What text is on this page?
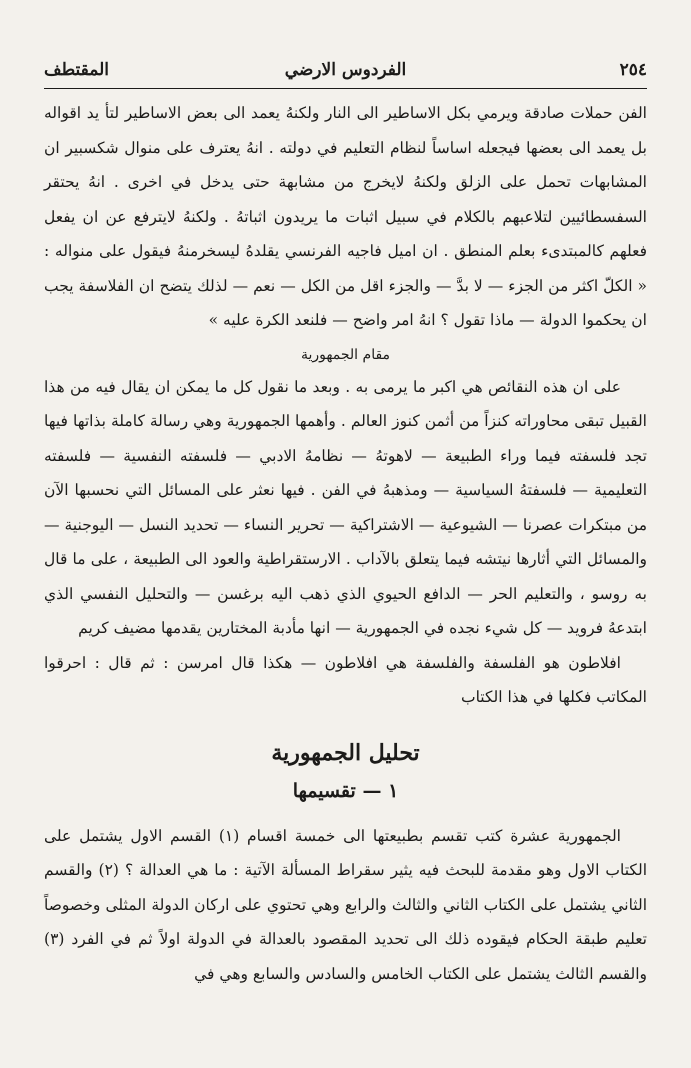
٢٥٤
الفردوس الارضي
المقتطف

الفن حملات صادقة ويرمي بكل الاساطير الى النار ولكنهُ يعمد الى بعض الاساطير لتأ يد اقواله بل يعمد الى بعضها فيجعله اساساً لنظام التعليم في دولته . انهُ يعترف على منوال شكسبير ان المشابهات تحمل على الزلق ولكنهُ لايخرج من مشابهة حتى يدخل في اخرى . انهُ يحتقر السفسطائيين لتلاعبهم بالكلام في سبيل اثبات ما يريدون اثباتهُ . ولكنهُ لايترفع عن ان يفعل فعلهم كالمبتدىء بعلم المنطق . ان اميل فاجيه الفرنسي يقلدهُ ليسخرمنهُ فيقول على منواله : « الكلّ اكثر من الجزء — لا بدَّ — والجزء اقل من الكل — نعم — لذلك يتضح ان الفلاسفة يجب ان يحكموا الدولة — ماذا تقول ؟ انهُ امر واضح — فلنعد الكرة عليه »

مقام الجمهورية

على ان هذه النقائص هي اكبر ما يرمى به . وبعد ما نقول كل ما يمكن ان يقال فيه من هذا القبيل تبقى محاوراته كنزاً من أثمن كنوز العالم . وأهمها الجمهورية وهي رسالة كاملة بذاتها فيها تجد فلسفته فيما وراء الطبيعة — لاهوتهُ — نظامهُ الادبي — فلسفته النفسية — فلسفته التعليمية — فلسفتهُ السياسية — ومذهبهُ في الفن . فيها نعثر على المسائل التي نحسبها الآن من مبتكرات عصرنا — الشيوعية — الاشتراكية — تحرير النساء — تحديد النسل — اليوجنية — والمسائل التي أثارها نيتشه فيما يتعلق بالآداب . الارستقراطية والعود الى الطبيعة ، على ما قال به روسو ، والتعليم الحر — الدافع الحيوي الذي ذهب اليه برغسن — والتحليل النفسي الذي ابتدعهُ فرويد — كل شيء نجده في الجمهورية — انها مأدبة المختارين يقدمها مضيف كريم

افلاطون هو الفلسفة والفلسفة هي افلاطون — هكذا قال امرسن : ثم قال : احرقوا المكاتب فكلها في هذا الكتاب

تحليل الجمهورية
١ — تقسيمها

الجمهورية عشرة كتب تقسم بطبيعتها الى خمسة اقسام (١) القسم الاول يشتمل على الكتاب الاول وهو مقدمة للبحث فيه يثير سقراط المسألة الآتية : ما هي العدالة ؟ (٢) والقسم الثاني يشتمل على الكتاب الثاني والثالث والرابع وهي تحتوي على اركان الدولة المثلى وخصوصاً تعليم طبقة الحكام فيقوده ذلك الى تحديد المقصود بالعدالة في الدولة اولاً ثم في الفرد (٣) والقسم الثالث يشتمل على الكتاب الخامس والسادس والسابع وهي في
